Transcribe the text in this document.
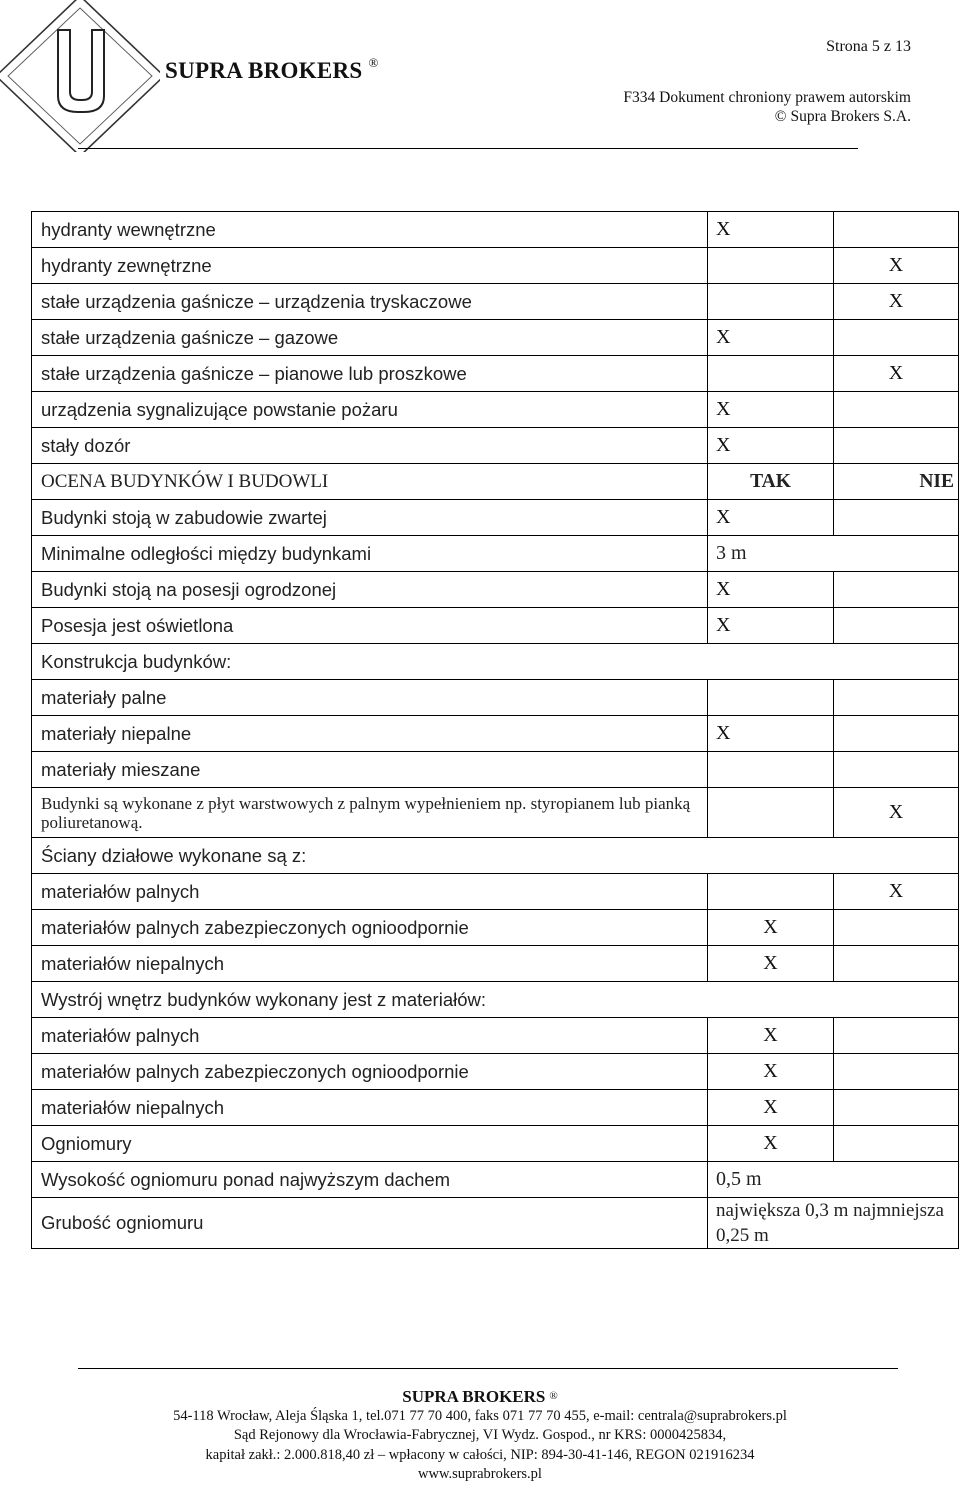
SUPRA BROKERS ®
Strona 5 z 13
F334 Dokument chroniony prawem autorskim
© Supra Brokers S.A.
hydranty wewnętrzne	X	
hydranty zewnętrzne		X
stałe urządzenia gaśnicze – urządzenia tryskaczowe		X
stałe urządzenia gaśnicze – gazowe	X	
stałe urządzenia gaśnicze – pianowe lub proszkowe		X
urządzenia sygnalizujące powstanie pożaru	X	
stały dozór	X	
OCENA BUDYNKÓW I BUDOWLI	TAK	NIE
Budynki stoją w zabudowie zwartej	X	
Minimalne odległości między budynkami	3 m	
Budynki stoją na posesji ogrodzonej	X	
Posesja jest oświetlona	X	
Konstrukcja budynków:		
materiały palne		
materiały niepalne	X	
materiały mieszane		
Budynki są wykonane z płyt warstwowych z palnym wypełnieniem np. styropianem lub pianką poliuretanową.		X
Ściany działowe wykonane są z:		
materiałów palnych		X
materiałów palnych zabezpieczonych ognioodpornie	X	
materiałów niepalnych	X	
Wystrój wnętrz budynków wykonany jest z materiałów:		
materiałów palnych	X	
materiałów palnych zabezpieczonych ognioodpornie	X	
materiałów niepalnych	X	
Ogniomury	X	
Wysokość ogniomuru ponad najwyższym dachem	0,5 m	
Grubość ogniomuru	największa 0,3 m najmniejsza 0,25 m	
SUPRA BROKERS ®
54-118 Wrocław, Aleja Śląska 1, tel.071 77 70 400, faks 071 77 70 455, e-mail: centrala@suprabrokers.pl
Sąd Rejonowy dla Wrocławia-Fabrycznej, VI Wydz. Gospod., nr KRS: 0000425834,
kapitał zakł.: 2.000.818,40 zł – wpłacony w całości, NIP: 894-30-41-146, REGON 021916234
www.suprabrokers.pl
